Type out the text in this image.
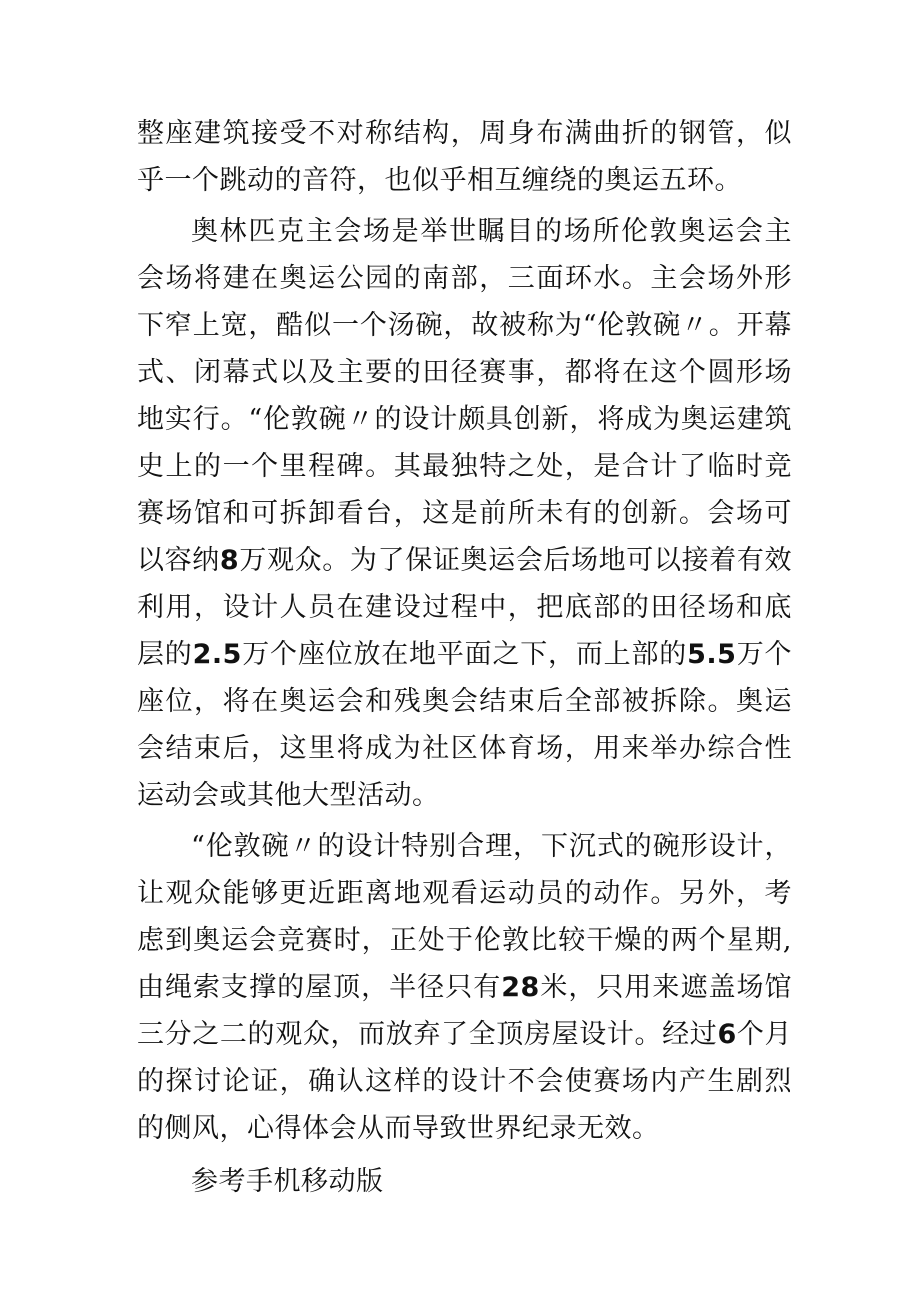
整座建筑接受不对称结构，周身布满曲折的钢管，似乎一个跳动的音符，也似乎相互缠绕的奥运五环。

奥林匹克主会场是举世瞩目的场所伦敦奥运会主会场将建在奥运公园的南部，三面环水。主会场外形下窄上宽，酷似一个汤碗，故被称为“伦敦碗〃。开幕式、闭幕式以及主要的田径赛事，都将在这个圆形场地实行。“伦敦碗〃的设计颇具创新，将成为奥运建筑史上的一个里程碑。其最独特之处，是合计了临时竞赛场馆和可拆卸看台，这是前所未有的创新。会场可以容纳8万观众。为了保证奥运会后场地可以接着有效利用，设计人员在建设过程中，把底部的田径场和底层的2.5万个座位放在地平面之下，而上部的5.5万个座位，将在奥运会和残奥会结束后全部被拆除。奥运会结束后，这里将成为社区体育场，用来举办综合性运动会或其他大型活动。

“伦敦碗〃的设计特别合理，下沉式的碗形设计，让观众能够更近距离地观看运动员的动作。另外，考虑到奥运会竞赛时，正处于伦敦比较干燥的两个星期,由绳索支撑的屋顶，半径只有28米，只用来遮盖场馆三分之二的观众，而放弃了全顶房屋设计。经过6个月的探讨论证，确认这样的设计不会使赛场内产生剧烈的侧风，心得体会从而导致世界纪录无效。

参考手机移动版
